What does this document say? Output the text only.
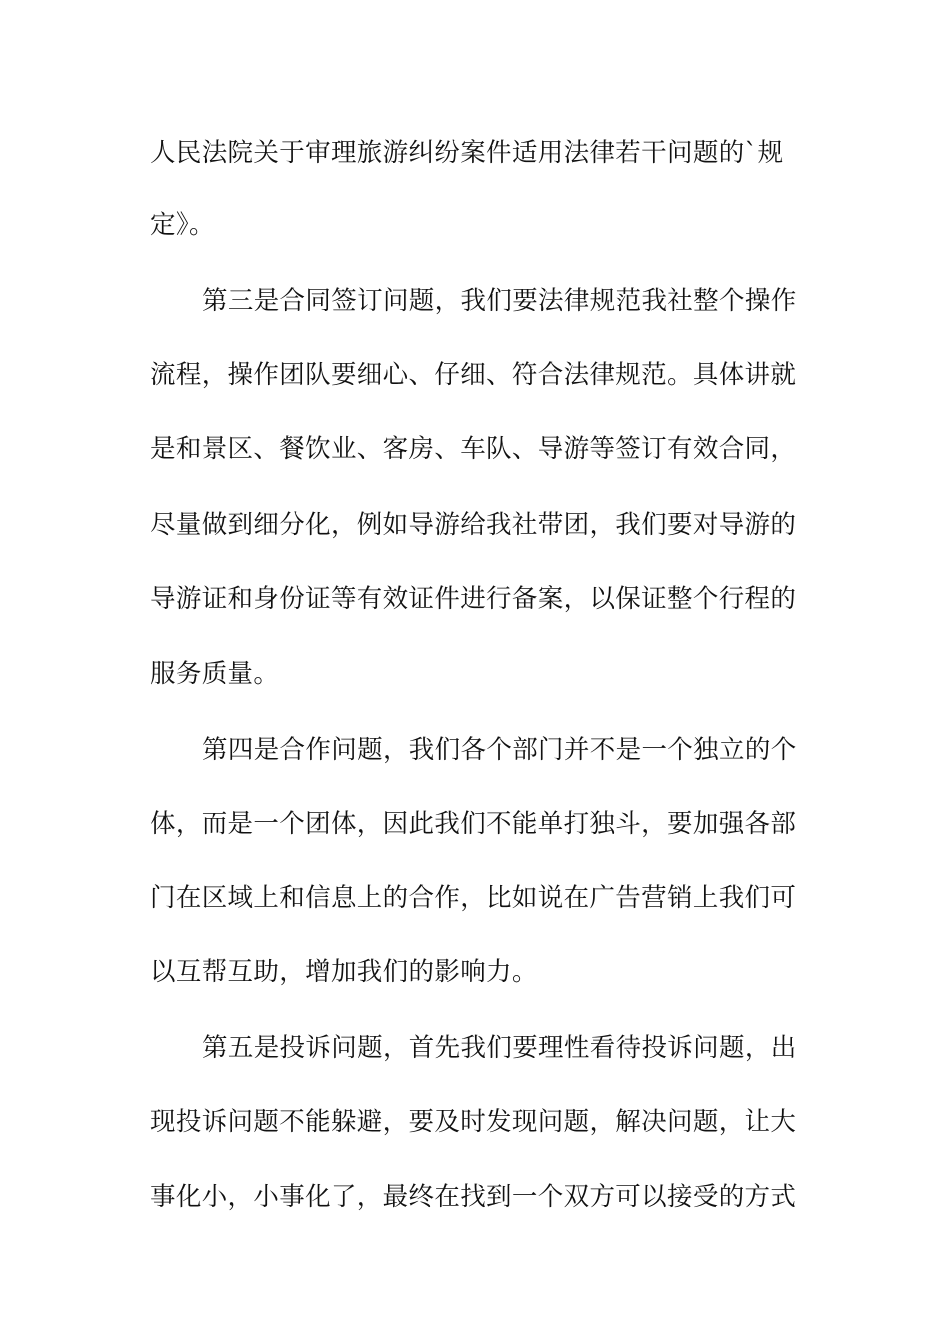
人民法院关于审理旅游纠纷案件适用法律若干问题的`规
定》。
第三是合同签订问题，我们要法律规范我社整个操作
流程，操作团队要细心、仔细、符合法律规范。具体讲就
是和景区、餐饮业、客房、车队、导游等签订有效合同，
尽量做到细分化，例如导游给我社带团，我们要对导游的
导游证和身份证等有效证件进行备案，以保证整个行程的
服务质量。
第四是合作问题，我们各个部门并不是一个独立的个
体，而是一个团体，因此我们不能单打独斗，要加强各部
门在区域上和信息上的合作，比如说在广告营销上我们可
以互帮互助，增加我们的影响力。
第五是投诉问题，首先我们要理性看待投诉问题，出
现投诉问题不能躲避，要及时发现问题，解决问题，让大
事化小，小事化了，最终在找到一个双方可以接受的方式
